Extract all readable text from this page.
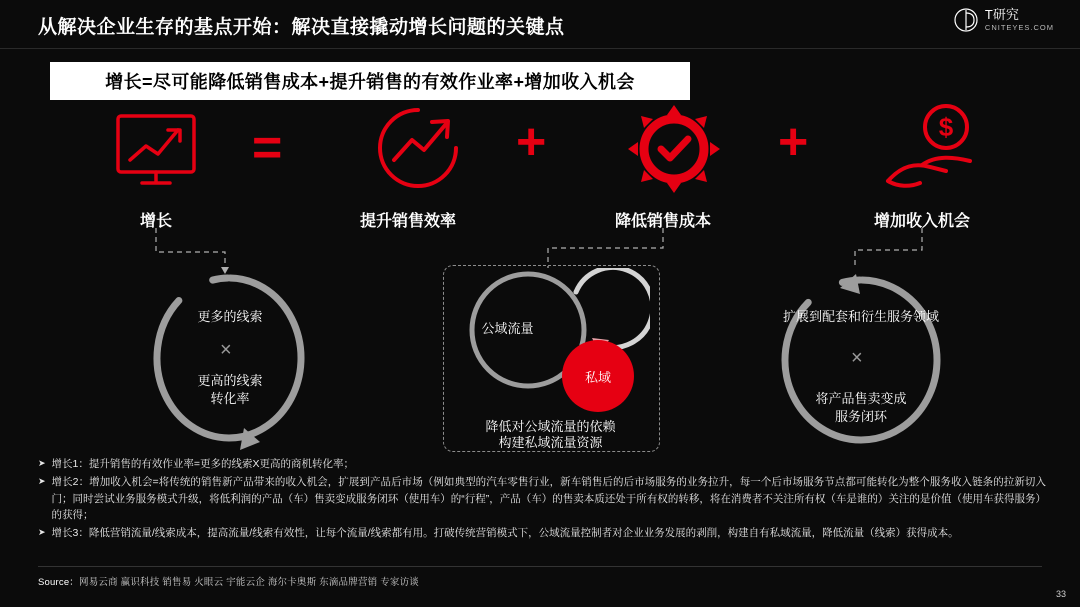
从解决企业生存的基点开始：解决直接撬动增长问题的关键点
T研究
CNITEYES.COM
增长=尽可能降低销售成本+提升销售的有效作业率+增加收入机会
=	+	+	$
增长	提升销售效率	降低销售成本	增加收入机会
更多的线索
×
更高的线索
转化率
公域流量
私域
降低对公域流量的依赖
构建私域流量资源
扩展到配套和衍生服务领域
×
将产品售卖变成
服务闭环
➤ 增长1：提升销售的有效作业率=更多的线索X更高的商机转化率；
➤ 增长2：增加收入机会=将传统的销售新产品带来的收入机会，扩展到产品后市场（例如典型的汽车零售行业，新车销售后的后市场服务的业务拉升，每一个后市场服务节点都可能转化为整个服务收入链条的拉新切入门；同时尝试业务服务模式升级，将低利润的产品（车）售卖变成服务闭环（使用车）的“行程”，产品（车）的售卖本质还处于所有权的转移，将在消费者不关注所有权（车是谁的）关注的是价值（使用车获得服务）的获得；
➤ 增长3：降低营销流量/线索成本，提高流量/线索有效性，让每个流量/线索都有用。打破传统营销模式下，公域流量控制者对企业业务发展的剥削，构建自有私域流量，降低流量（线索）获得成本。
Source：网易云商 赢识科技 销售易 火眼云 宇能云企 海尔卡奥斯 东滴品牌营销 专家访谈
33
